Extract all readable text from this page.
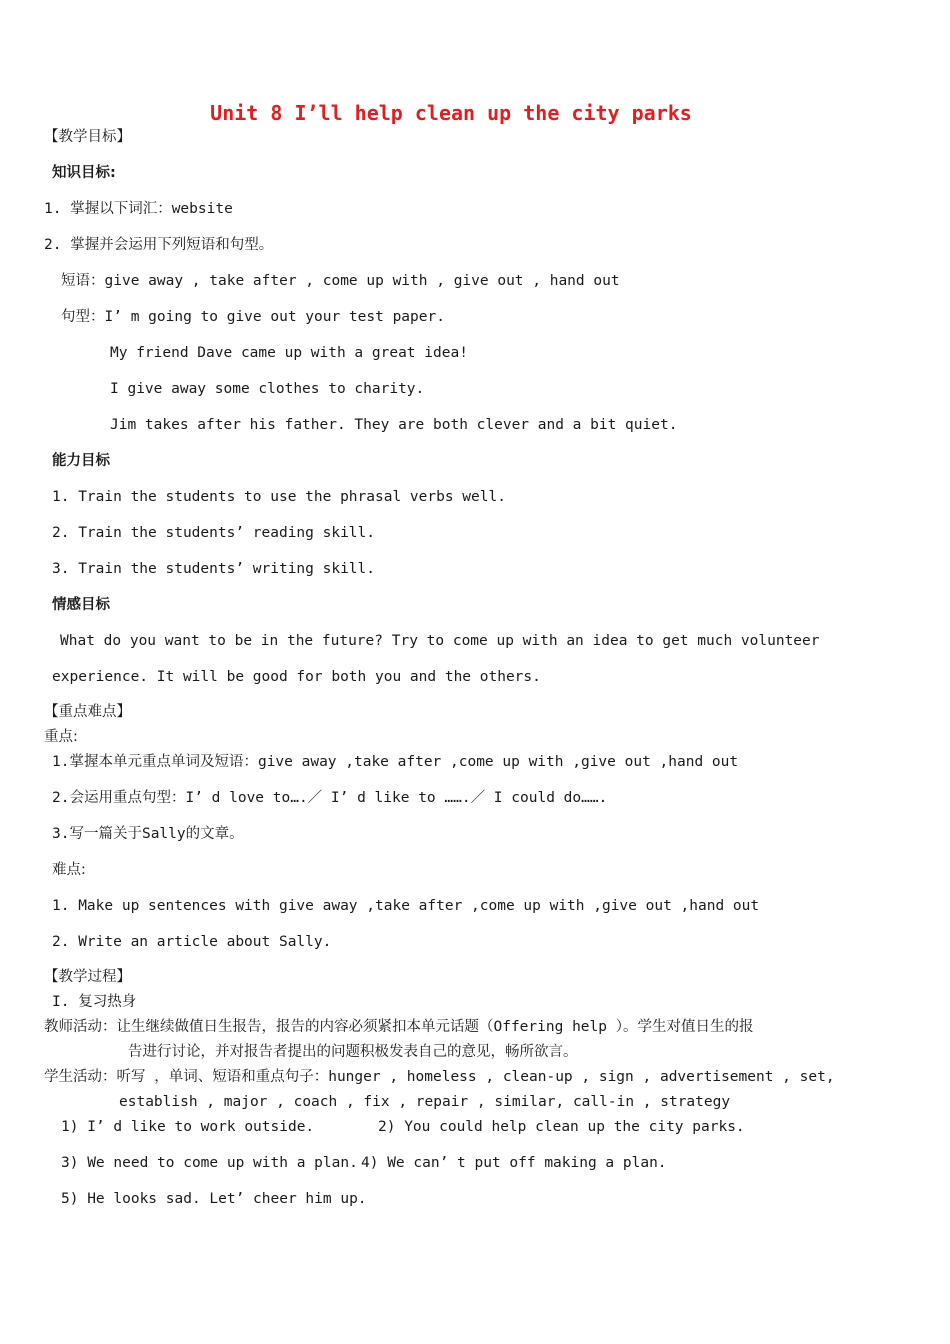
Unit 8 I’ll help clean up the city parks
【教学目标】
知识目标:
1. 掌握以下词汇：website
2. 掌握并会运用下列短语和句型。
短语：give away , take after , come up with , give out , hand out
句型：I’ m going to give out your test paper.
My friend Dave came up with a great idea!
I give away some clothes to charity.
Jim takes after his father. They are both clever and a bit quiet.
能力目标
1. Train the students to use the phrasal verbs well.
2. Train the students’ reading skill.
3. Train the students’ writing skill.
情感目标
What do you want to be in the future? Try to come up with an idea to get much volunteer
experience. It will be good for both you and the others.
【重点难点】
重点:
1.掌握本单元重点单词及短语：give away ,take after ,come up with ,give out ,hand out
2.会运用重点句型：I’ d love to….／ I’ d like to …….／ I could do…….
3.写一篇关于Sally的文章。
难点:
1. Make up sentences with give away ,take after ,come up with ,give out ,hand out
2. Write an article about Sally.
【教学过程】
I. 复习热身
教师活动：让生继续做值日生报告，报告的内容必须紧扣本单元话题（Offering help ）。学生对值日生的报
告进行讨论，并对报告者提出的问题积极发表自己的意见，畅所欲言。
学生活动：听写 ，单词、短语和重点句子：hunger , homeless , clean-up , sign , advertisement , set,
establish , major , coach , fix , repair , similar, call-in , strategy
1) I’ d like to work outside.	2) You could help clean up the city parks.
3) We need to come up with a plan. 4) We can’ t put off making a plan.
5) He looks sad. Let’ cheer him up.
